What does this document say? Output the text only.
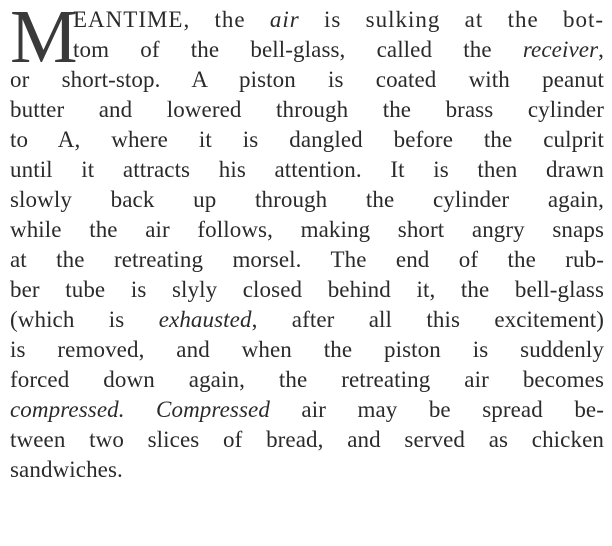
M
EANTIME, the air is sulking at the bot-
tom of the bell-glass, called the receiver,
or short-stop. A piston is coated with peanut
butter and lowered through the brass cylinder
to A, where it is dangled before the culprit
until it attracts his attention. It is then drawn
slowly back up through the cylinder again,
while the air follows, making short angry snaps
at the retreating morsel. The end of the rub-
ber tube is slyly closed behind it, the bell-glass
(which is exhausted, after all this excitement)
is removed, and when the piston is suddenly
forced down again, the retreating air becomes
compressed. Compressed air may be spread be-
tween two slices of bread, and served as chicken
sandwiches.
